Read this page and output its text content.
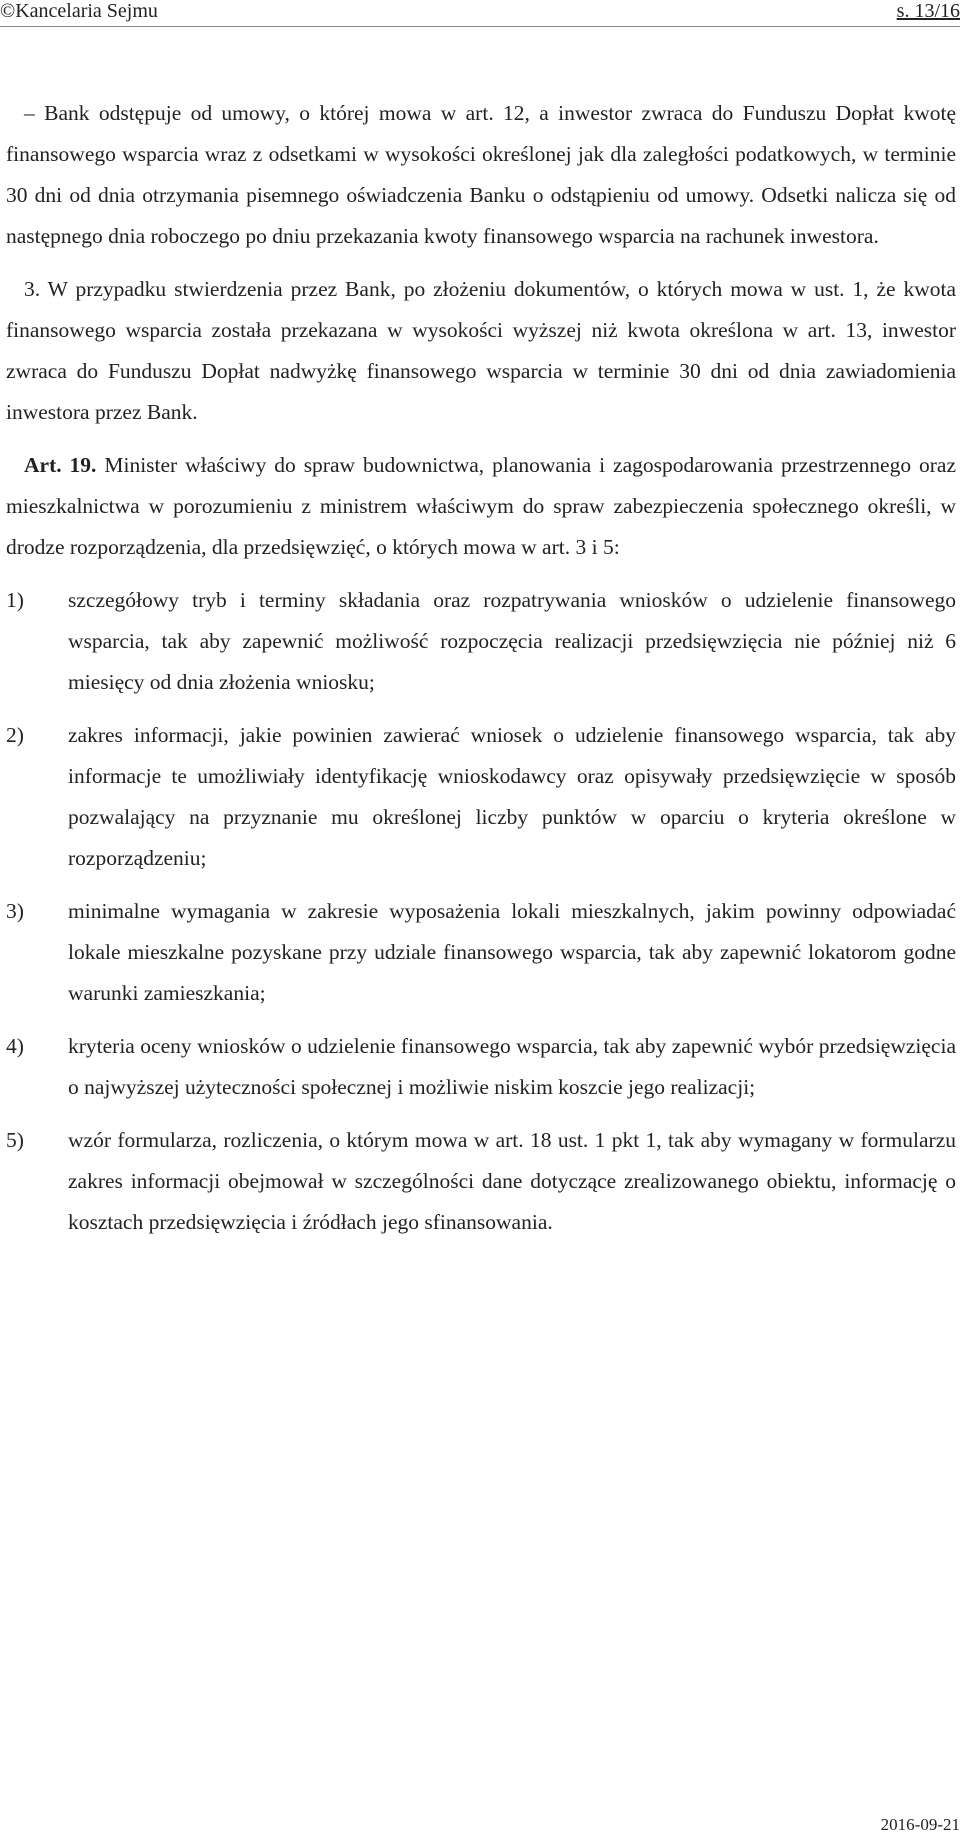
©Kancelaria Sejmu	s. 13/16

– Bank odstępuje od umowy, o której mowa w art. 12, a inwestor zwraca do Funduszu Dopłat kwotę finansowego wsparcia wraz z odsetkami w wysokości określonej jak dla zaległości podatkowych, w terminie 30 dni od dnia otrzymania pisemnego oświadczenia Banku o odstąpieniu od umowy. Odsetki nalicza się od następnego dnia roboczego po dniu przekazania kwoty finansowego wsparcia na rachunek inwestora.

3. W przypadku stwierdzenia przez Bank, po złożeniu dokumentów, o których mowa w ust. 1, że kwota finansowego wsparcia została przekazana w wysokości wyższej niż kwota określona w art. 13, inwestor zwraca do Funduszu Dopłat nadwyżkę finansowego wsparcia w terminie 30 dni od dnia zawiadomienia inwestora przez Bank.

Art. 19. Minister właściwy do spraw budownictwa, planowania i zagospodarowania przestrzennego oraz mieszkalnictwa w porozumieniu z ministrem właściwym do spraw zabezpieczenia społecznego określi, w drodze rozporządzenia, dla przedsięwzięć, o których mowa w art. 3 i 5:

1) szczegółowy tryb i terminy składania oraz rozpatrywania wniosków o udzielenie finansowego wsparcia, tak aby zapewnić możliwość rozpoczęcia realizacji przedsięwzięcia nie później niż 6 miesięcy od dnia złożenia wniosku;
2) zakres informacji, jakie powinien zawierać wniosek o udzielenie finansowego wsparcia, tak aby informacje te umożliwiały identyfikację wnioskodawcy oraz opisywały przedsięwzięcie w sposób pozwalający na przyznanie mu określonej liczby punktów w oparciu o kryteria określone w rozporządzeniu;
3) minimalne wymagania w zakresie wyposażenia lokali mieszkalnych, jakim powinny odpowiadać lokale mieszkalne pozyskane przy udziale finansowego wsparcia, tak aby zapewnić lokatorom godne warunki zamieszkania;
4) kryteria oceny wniosków o udzielenie finansowego wsparcia, tak aby zapewnić wybór przedsięwzięcia o najwyższej użyteczności społecznej i możliwie niskim koszcie jego realizacji;
5) wzór formularza, rozliczenia, o którym mowa w art. 18 ust. 1 pkt 1, tak aby wymagany w formularzu zakres informacji obejmował w szczególności dane dotyczące zrealizowanego obiektu, informację o kosztach przedsięwzięcia i źródłach jego sfinansowania.
2016-09-21
